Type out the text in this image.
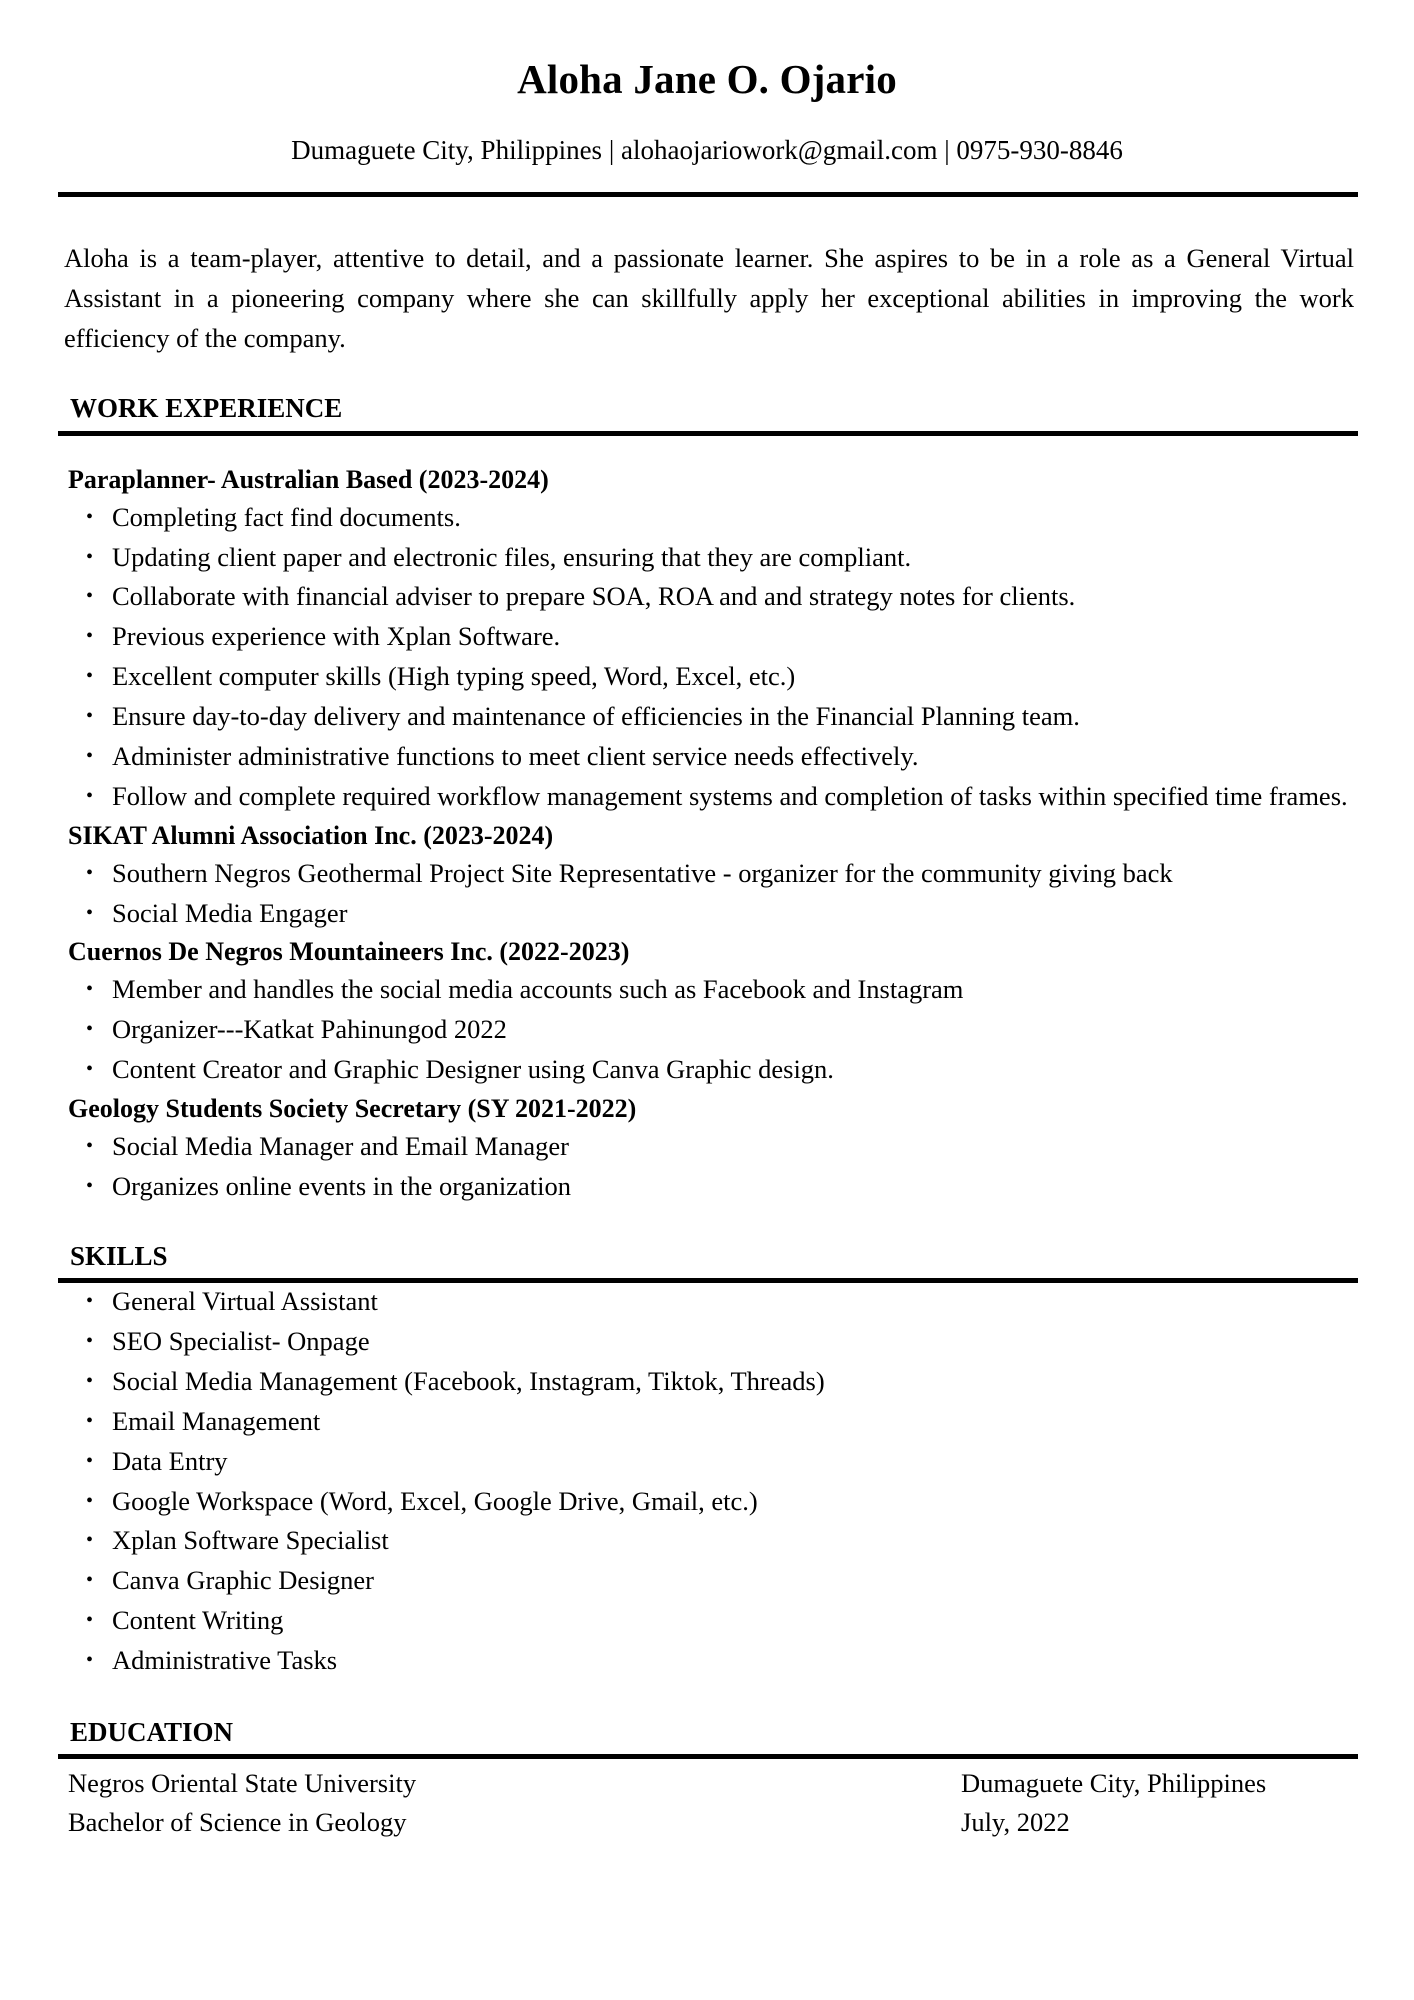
Aloha Jane O. Ojario
Dumaguete City, Philippines | alohaojariowork@gmail.com | 0975-930-8846

Aloha is a team-player, attentive to detail, and a passionate learner. She aspires to be in a role as a General Virtual Assistant in a pioneering company where she can skillfully apply her exceptional abilities in improving the work efficiency of the company.

WORK EXPERIENCE
Paraplanner- Australian Based (2023-2024)
• Completing fact find documents.
• Updating client paper and electronic files, ensuring that they are compliant.
• Collaborate with financial adviser to prepare SOA, ROA and and strategy notes for clients.
• Previous experience with Xplan Software.
• Excellent computer skills (High typing speed, Word, Excel, etc.)
• Ensure day-to-day delivery and maintenance of efficiencies in the Financial Planning team.
• Administer administrative functions to meet client service needs effectively.
• Follow and complete required workflow management systems and completion of tasks within specified time frames.
SIKAT Alumni Association Inc. (2023-2024)
• Southern Negros Geothermal Project Site Representative - organizer for the community giving back
• Social Media Engager
Cuernos De Negros Mountaineers Inc. (2022-2023)
• Member and handles the social media accounts such as Facebook and Instagram
• Organizer---Katkat Pahinungod 2022
• Content Creator and Graphic Designer using Canva Graphic design.
Geology Students Society Secretary (SY 2021-2022)
• Social Media Manager and Email Manager
• Organizes online events in the organization
SKILLS
• General Virtual Assistant
• SEO Specialist- Onpage
• Social Media Management (Facebook, Instagram, Tiktok, Threads)
• Email Management
• Data Entry
• Google Workspace (Word, Excel, Google Drive, Gmail, etc.)
• Xplan Software Specialist
• Canva Graphic Designer
• Content Writing
• Administrative Tasks
EDUCATION
Negros Oriental State University	Dumaguete City, Philippines
Bachelor of Science in Geology	July, 2022
